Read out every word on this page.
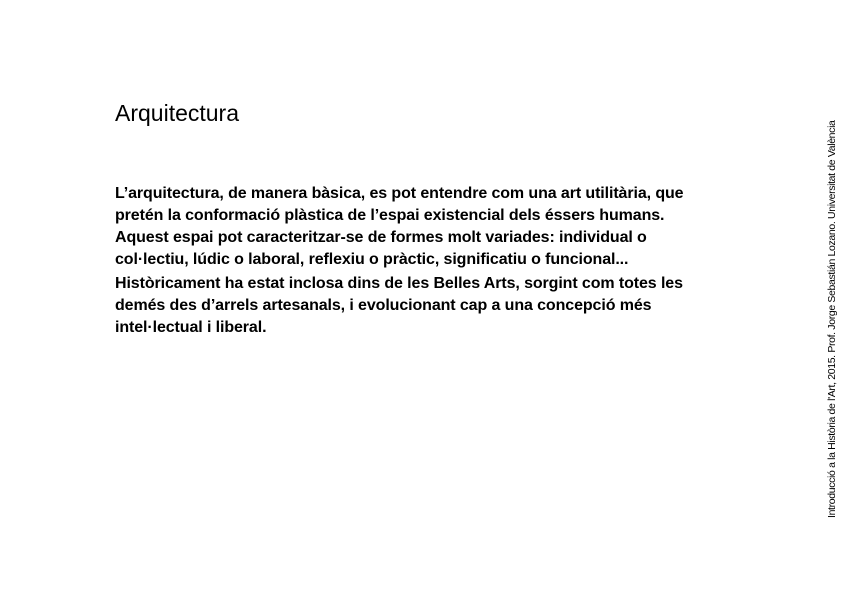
Arquitectura

L’arquitectura, de manera bàsica, es pot entendre com una art utilitària, que
pretén la conformació plàstica de l’espai existencial dels éssers humans.
Aquest espai pot caracteritzar-se de formes molt variades: individual o
col·lectiu, lúdic o laboral, reflexiu o pràctic, significatiu o funcional...

Històricament ha estat inclosa dins de les Belles Arts, sorgint com totes les
demés des d’arrels artesanals, i evolucionant cap a una concepció més
intel·lectual i liberal.	Introducció a la Història de l'Art, 2015. Prof. Jorge Sebastián Lozano. Universitat de València
